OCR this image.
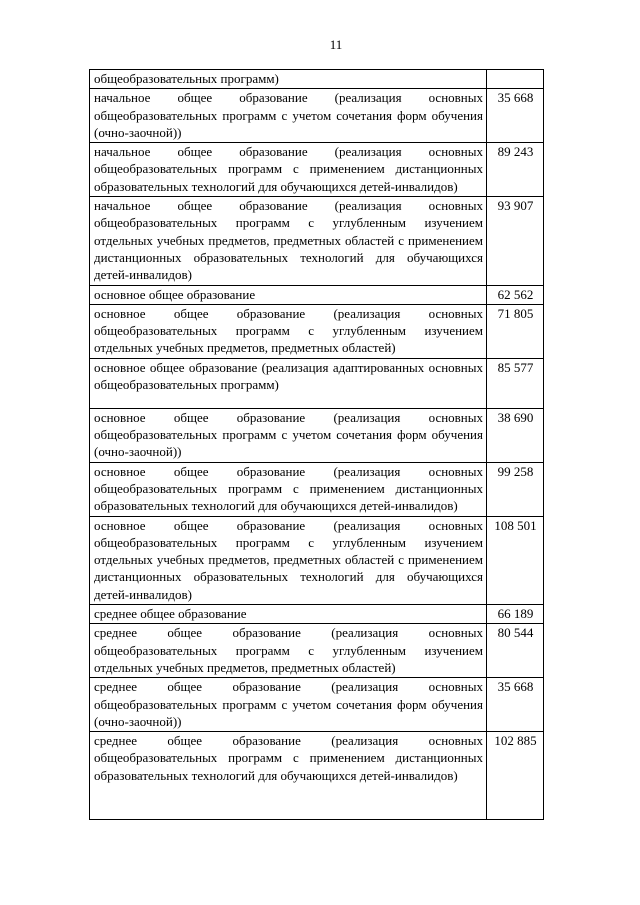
11
общеобразовательных программ)	
начальное общее образование (реализация основных общеобразовательных программ с учетом сочетания форм обучения (очно-заочной))	35 668
начальное общее образование (реализация основных общеобразовательных программ с применением дистанционных образовательных технологий для обучающихся детей-инвалидов)	89 243
начальное общее образование (реализация основных общеобразовательных программ с углубленным изучением отдельных учебных предметов, предметных областей с применением дистанционных образовательных технологий для обучающихся детей-инвалидов)	93 907
основное общее образование	62 562
основное общее образование (реализация основных общеобразовательных программ с углубленным изучением отдельных учебных предметов, предметных областей)	71 805
основное общее образование (реализация адаптированных основных общеобразовательных программ)	85 577
основное общее образование (реализация основных общеобразовательных программ с учетом сочетания форм обучения (очно-заочной))	38 690
основное общее образование (реализация основных общеобразовательных программ с применением дистанционных образовательных технологий для обучающихся детей-инвалидов)	99 258
основное общее образование (реализация основных общеобразовательных программ с углубленным изучением отдельных учебных предметов, предметных областей с применением дистанционных образовательных технологий для обучающихся детей-инвалидов)	108 501
среднее общее образование	66 189
среднее общее образование (реализация основных общеобразовательных программ с углубленным изучением отдельных учебных предметов, предметных областей)	80 544
среднее общее образование (реализация основных общеобразовательных программ с учетом сочетания форм обучения (очно-заочной))	35 668
среднее общее образование (реализация основных общеобразовательных программ с применением дистанционных образовательных технологий для обучающихся детей-инвалидов)	102 885
